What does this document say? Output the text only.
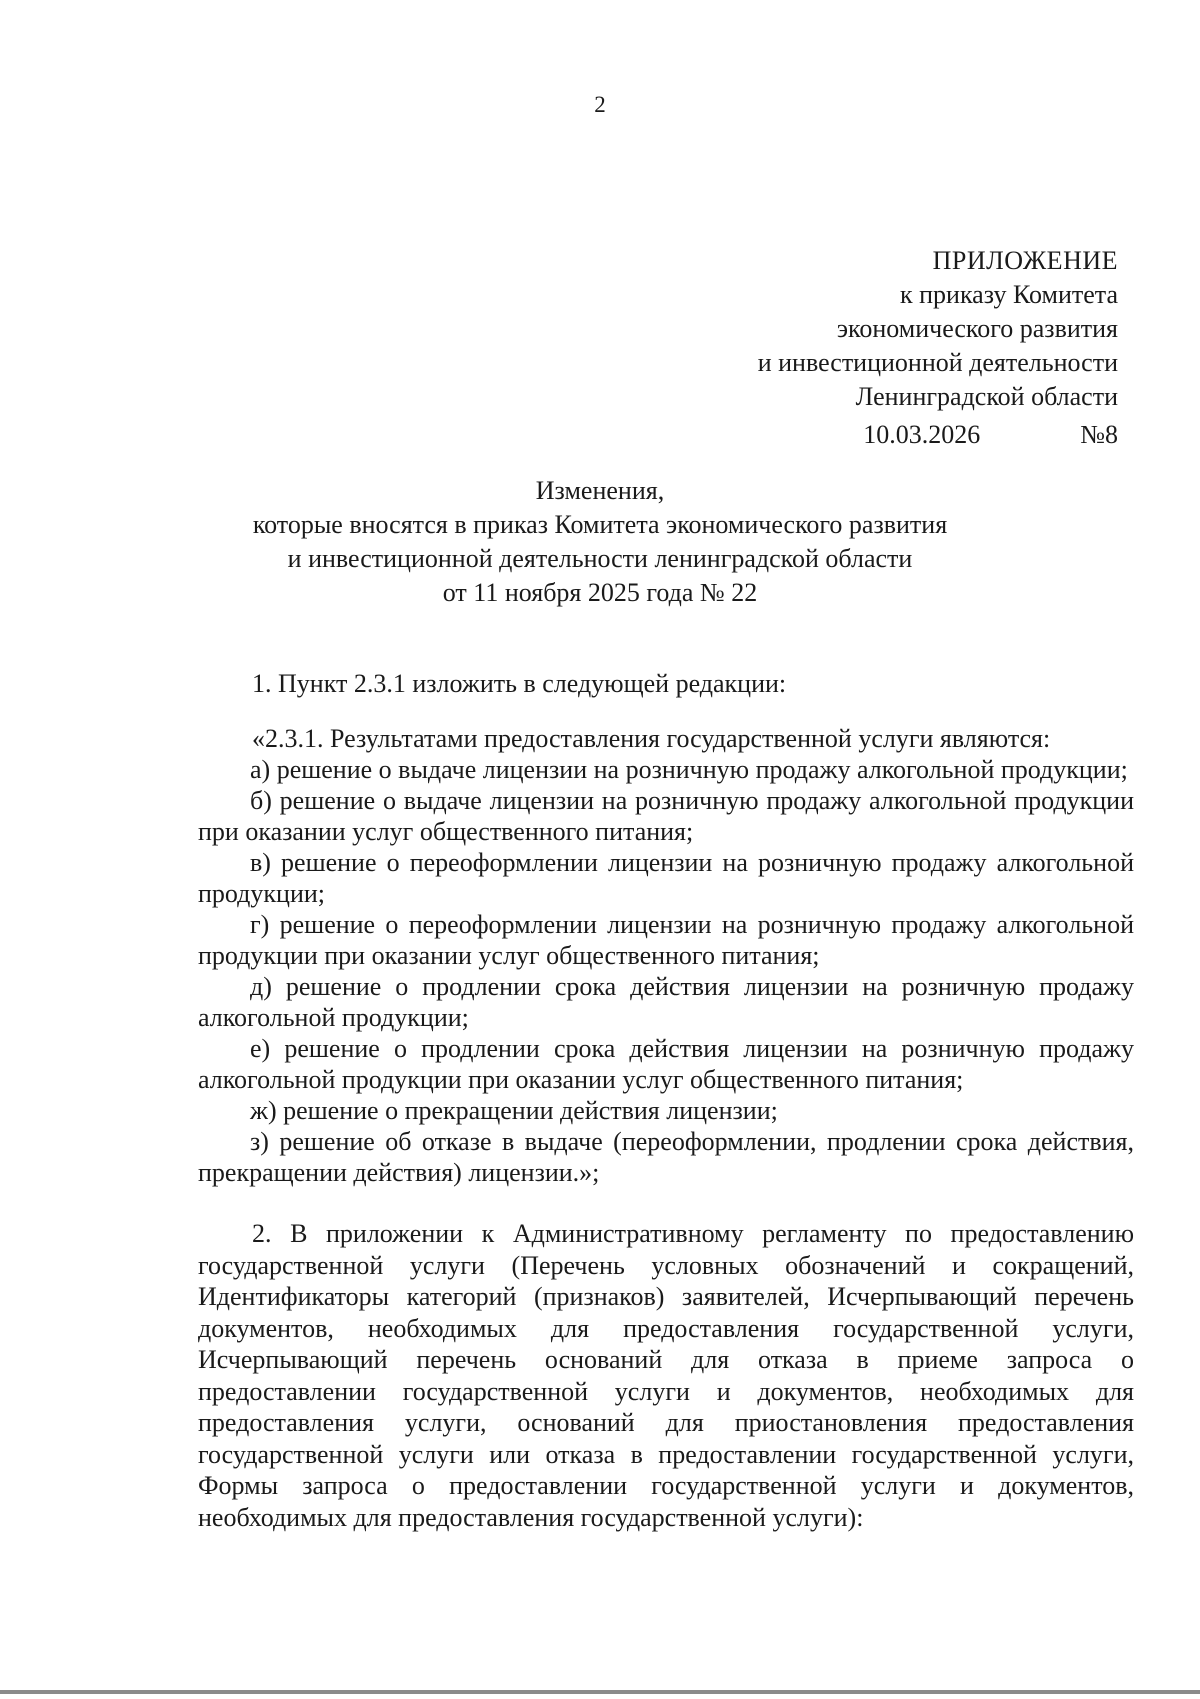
2
ПРИЛОЖЕНИЕ
к приказу Комитета
экономического развития
и инвестиционной деятельности
Ленинградской области
10.03.2026	№8
Изменения,
которые вносятся в приказ Комитета экономического развития
и инвестиционной деятельности ленинградской области
от 11 ноября 2025 года № 22

1. Пункт 2.3.1 изложить в следующей редакции:

«2.3.1. Результатами предоставления государственной услуги являются:

а) решение о выдаче лицензии на розничную продажу алкогольной продукции;

б) решение о выдаче лицензии на розничную продажу алкогольной продукции при оказании услуг общественного питания;

в) решение о переоформлении лицензии на розничную продажу алкогольной продукции;

г) решение о переоформлении лицензии на розничную продажу алкогольной продукции при оказании услуг общественного питания;

д) решение о продлении срока действия лицензии на розничную продажу алкогольной продукции;

е) решение о продлении срока действия лицензии на розничную продажу алкогольной продукции при оказании услуг общественного питания;

ж) решение о прекращении действия лицензии;

з) решение об отказе в выдаче (переоформлении, продлении срока действия, прекращении действия) лицензии.»;

2. В приложении к Административному регламенту по предоставлению государственной услуги (Перечень условных обозначений и сокращений, Идентификаторы категорий (признаков) заявителей, Исчерпывающий перечень документов, необходимых для предоставления государственной услуги, Исчерпывающий перечень оснований для отказа в приеме запроса о предоставлении государственной услуги и документов, необходимых для предоставления услуги, оснований для приостановления предоставления государственной услуги или отказа в предоставлении государственной услуги, Формы запроса о предоставлении государственной услуги и документов, необходимых для предоставления государственной услуги):
